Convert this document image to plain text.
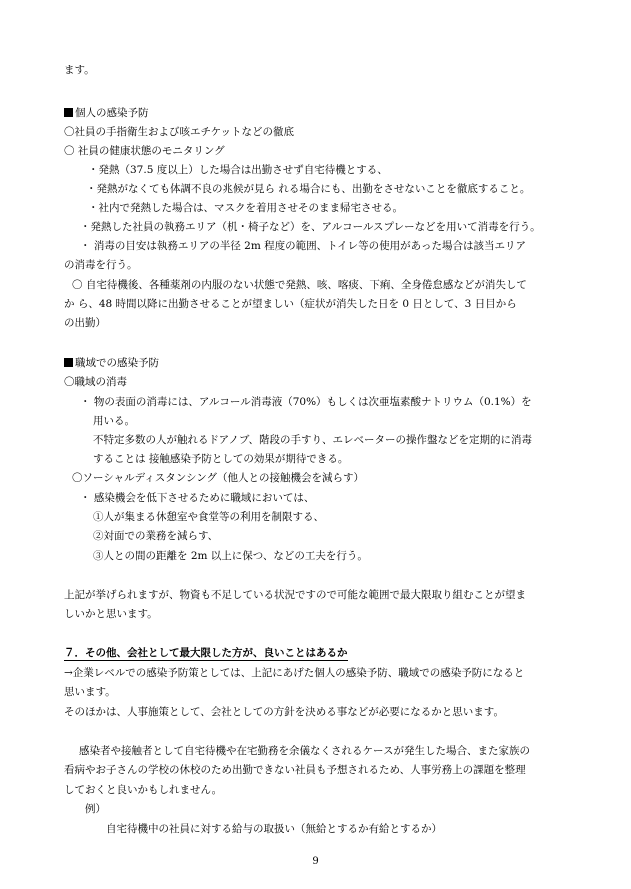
ます。
個人の感染予防
〇社員の手指衛生および咳エチケットなどの徹底
〇 社員の健康状態のモニタリング
・発熱（37.5 度以上）した場合は出勤させず自宅待機とする、
・発熱がなくても体調不良の兆候が見ら れる場合にも、出勤をさせないことを徹底すること。
・社内で発熱した場合は、マスクを着用させそのまま帰宅させる。
・発熱した社員の執務エリア（机・椅子など）を、アルコールスプレーなどを用いて消毒を行う。
・ 消毒の目安は執務エリアの半径 2m 程度の範囲、トイレ等の使用があった場合は該当エリア
の消毒を行う。
〇 自宅待機後、各種薬剤の内服のない状態で発熱、咳、喀痰、下痢、全身倦怠感などが消失して
か ら、48 時間以降に出勤させることが望ましい（症状が消失した日を 0 日として、3 日目から
の出勤）
職域での感染予防
〇職域の消毒
・ 物の表面の消毒には、アルコール消毒液（70%）もしくは次亜塩素酸ナトリウム（0.1%）を
用いる。
不特定多数の人が触れるドアノブ、階段の手すり、エレベーターの操作盤などを定期的に消毒
することは 接触感染予防としての効果が期待できる。
〇ソーシャルディスタンシング（他人との接触機会を減らす）
・ 感染機会を低下させるために職域においては、
①人が集まる休憩室や食堂等の利用を制限する、
②対面での業務を減らす、
③人との間の距離を 2m 以上に保つ、などの工夫を行う。
上記が挙げられますが、物資も不足している状況ですので可能な範囲で最大限取り組むことが望ま
しいかと思います。
７．その他、会社として最大限した方が、良いことはあるか
→企業レベルでの感染予防策としては、上記にあげた個人の感染予防、職域での感染予防になると
思います。
そのほかは、人事施策として、会社としての方針を決める事などが必要になるかと思います。
感染者や接触者として自宅待機や在宅勤務を余儀なくされるケースが発生した場合、また家族の
看病やお子さんの学校の休校のため出勤できない社員も予想されるため、人事労務上の課題を整理
しておくと良いかもしれません。
例）
自宅待機中の社員に対する給与の取扱い（無給とするか有給とするか）
9
